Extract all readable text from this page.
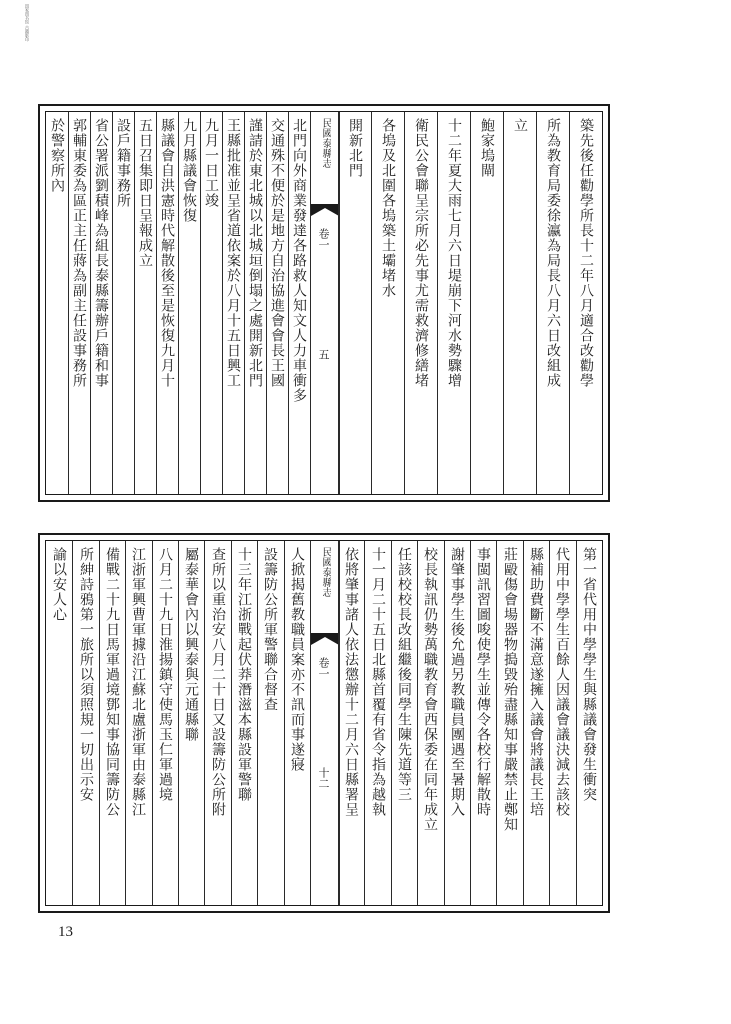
国家图书馆 古籍影印
民國泰縣志
卷一
五	築先後任勸學所長十二年八月適合改勸學
所為教育局委徐瀛為局長八月六日改組成
立
鮑家塢閘
十二年夏大雨七月六日堤崩下河水勢驟增
衛民公會聯呈宗所必先事尤需救濟修繕堵
各塢及北圍各塢築土壩堵水
開新北門
北門向外商業發達各路救人知文人力車衝多
交通殊不便於是地方自治協進會會長王國
謹請於東北城以北城垣倒塌之處開新北門
王縣批准並呈省道依案於八月十五日興工
九月一日工竣
九月縣議會恢復
縣議會自洪憲時代解散後至是恢復九月十
五日召集即日呈報成立
設戶籍事務所
省公署派劉積峰為組長泰縣籌辦戶籍和事
郭輔東委為區正主任蔣為副主任設事務所
於警察所內
民國泰縣志
卷一
十二	第一省代用中學學生與縣議會發生衝突
代用中學學生百餘人因議會議決減去該校
縣補助費斷不滿意遂擁入議會將議長王培
莊毆傷會場器物搗毀殆盡縣知事嚴禁止鄭知
事閩訊習圖唆使學生並傳令各校行解散時
謝肇事學生後允過另教職員團遇至暑期入
校長執訊仍勢萬職教育會西保委在同年成立
任該校校長改組繼後同學生陳先道等三
十一月二十五日北縣首覆有省令指為越執
依將肇事諸人依法懲辦十二月六日縣署呈
人掀揭舊教職員案亦不訊而事遂寢
設籌防公所軍警聯合督查
十三年江浙戰起伏莽潛滋本縣設軍警聯
查所以重治安八月二十日又設籌防公所附
屬泰華會內以興泰與元通縣聯
八月二十九日淮揚鎮守使馬玉仁軍過境
江浙軍興曹軍據沿江蘇北盧浙軍由泰縣江
備戰二十九日馬軍過境鄧知事協同籌防公
所紳詩鴉第一旅所以須照規一切出示安
諭以安人心
13
